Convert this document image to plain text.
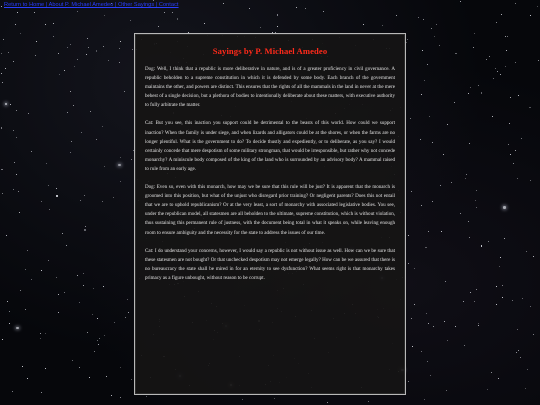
Return to Home | About P. Michael Amedeo | Other Sayings | Contact
Sayings by P. Michael Amedeo

Dog: Well, I think that a republic is more deliberative in nature, and is of a greater proficiency in civil governance. A republic beholden to a supreme constitution in which it is defended by some body. Each branch of the government maintains the other, and powers are distinct. This ensures that the rights of all the mammals in the land in never at the mere behest of a single decision, but a plethora of bodies to intentionally deliberate about these matters, with executive authority to fully arbitrate the matter.

Cat: But you see, this inaction you support could be detrimental to the beasts of this world. How could we support inaction? When the family is under siege, and when lizards and alligators could be at the shores, or when the farms are no longer plentiful. What is the government to do? To decide thustly and expediently, or to deliberate, as you say? I would certainly concede that mere despotism of some military strongman, that would be irresponsible, but rather why not concede monarchy? A miniscule body composed of the king of the land who is surrounded by an advisory body? A mammal raised to rule from an early age.

Dog: Even so, even with this monarch, how may we be sure that this rule will be just? It is apparent that the monarch is groomed into this position, but what of the unjust who disregard prior training? Or negligent parents? Does this not entail that we are to uphold republicanism? Or at the very least, a sort of monarchy with associated legislative bodies. You see, under the republican model, all statesmen are all beholden to the ultimate, supreme constitution, which is without violation, thus sustaining this permanent rule of justness, with the document being total in what it speaks on, while leaving enough room to ensure ambiguity and the necessity for the state to address the issues of our time.

Cat: I do understand your concerns, however, I would say a republic is not without issue as well. How can we be sure that these statesmen are not bought? Or that unchecked despotism may not emerge legally? How can be we assured that there is no bureaucracy the state shall be mired in for an eternity to see dysfunction? What seems right is that monarchy takes primacy as a figure unbought, without reason to be corrupt.
